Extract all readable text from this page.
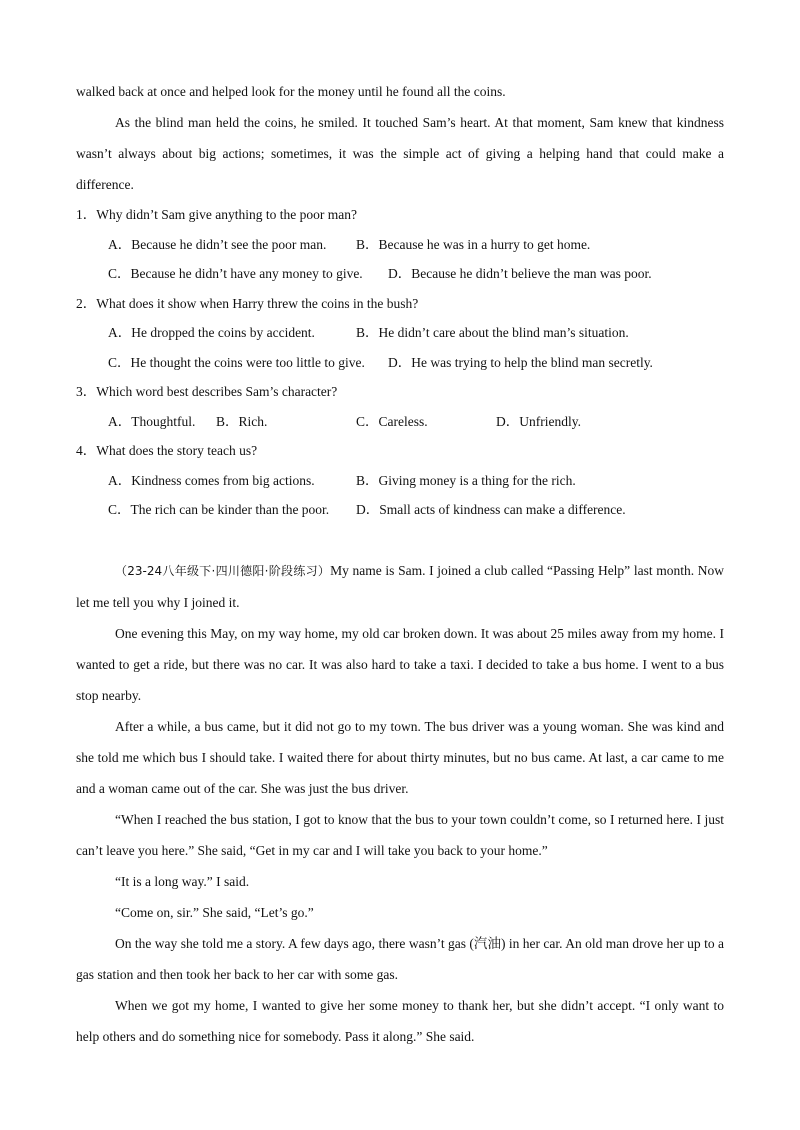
walked back at once and helped look for the money until he found all the coins.

As the blind man held the coins, he smiled. It touched Sam’s heart. At that moment, Sam knew that kindness wasn’t always about big actions; sometimes, it was the simple act of giving a helping hand that could make a difference.

1．Why didn’t Sam give anything to the poor man?

A．Because he didn’t see the poor man.	B．Because he was in a hurry to get home.
C．Because he didn’t have any money to give.	D．Because he didn’t believe the man was poor.

2．What does it show when Harry threw the coins in the bush?

A．He dropped the coins by accident.	B．He didn’t care about the blind man’s situation.
C．He thought the coins were too little to give.	D．He was trying to help the blind man secretly.

3．Which word best describes Sam’s character?

A．Thoughtful.	B．Rich.	C．Careless.	D．Unfriendly.

4．What does the story teach us?

A．Kindness comes from big actions.	B．Giving money is a thing for the rich.
C．The rich can be kinder than the poor.	D．Small acts of kindness can make a difference.

（23-24八年级下·四川德阳·阶段练习）My name is Sam. I joined a club called “Passing Help” last month. Now let me tell you why I joined it.

One evening this May, on my way home, my old car broken down. It was about 25 miles away from my home. I wanted to get a ride, but there was no car. It was also hard to take a taxi. I decided to take a bus home. I went to a bus stop nearby.

After a while, a bus came, but it did not go to my town. The bus driver was a young woman. She was kind and she told me which bus I should take. I waited there for about thirty minutes, but no bus came. At last, a car came to me and a woman came out of the car. She was just the bus driver.

“When I reached the bus station, I got to know that the bus to your town couldn’t come, so I returned here. I just can’t leave you here.” She said, “Get in my car and I will take you back to your home.”

“It is a long way.” I said.

“Come on, sir.” She said, “Let’s go.”

On the way she told me a story. A few days ago, there wasn’t gas (汽油) in her car. An old man drove her up to a gas station and then took her back to her car with some gas.

When we got my home, I wanted to give her some money to thank her, but she didn’t accept. “I only want to help others and do something nice for somebody. Pass it along.” She said.
